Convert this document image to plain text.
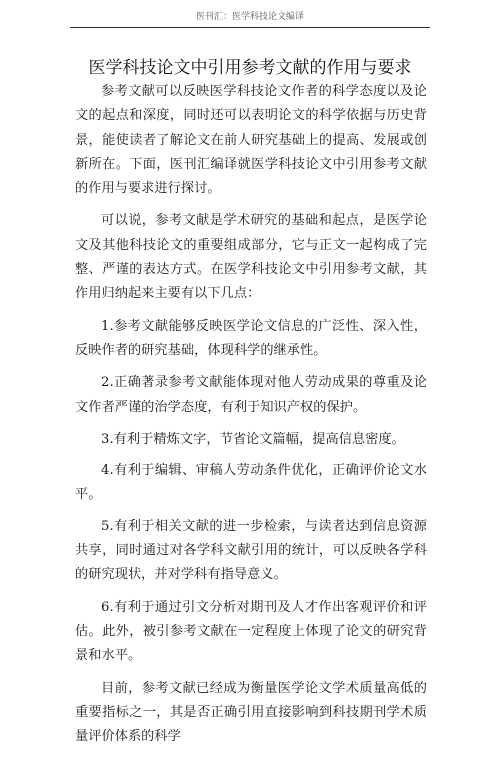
医刊汇：医学科技论文编译
医学科技论文中引用参考文献的作用与要求

参考文献可以反映医学科技论文作者的科学态度以及论文的起点和深度，同时还可以表明论文的科学依据与历史背景，能使读者了解论文在前人研究基础上的提高、发展或创新所在。下面，医刊汇编译就医学科技论文中引用参考文献的作用与要求进行探讨。

可以说，参考文献是学术研究的基础和起点，是医学论文及其他科技论文的重要组成部分，它与正文一起构成了完整、严谨的表达方式。在医学科技论文中引用参考文献，其作用归纳起来主要有以下几点：

1.参考文献能够反映医学论文信息的广泛性、深入性，反映作者的研究基础，体现科学的继承性。

2.正确著录参考文献能体现对他人劳动成果的尊重及论文作者严谨的治学态度，有利于知识产权的保护。

3.有利于精炼文字，节省论文篇幅，提高信息密度。

4.有利于编辑、审稿人劳动条件优化，正确评价论文水平。

5.有利于相关文献的进一步检索，与读者达到信息资源共享，同时通过对各学科文献引用的统计，可以反映各学科的研究现状，并对学科有指导意义。

6.有利于通过引文分析对期刊及人才作出客观评价和评估。此外，被引参考文献在一定程度上体现了论文的研究背景和水平。

目前，参考文献已经成为衡量医学论文学术质量高低的重要指标之一，其是否正确引用直接影响到科技期刊学术质量评价体系的科学
